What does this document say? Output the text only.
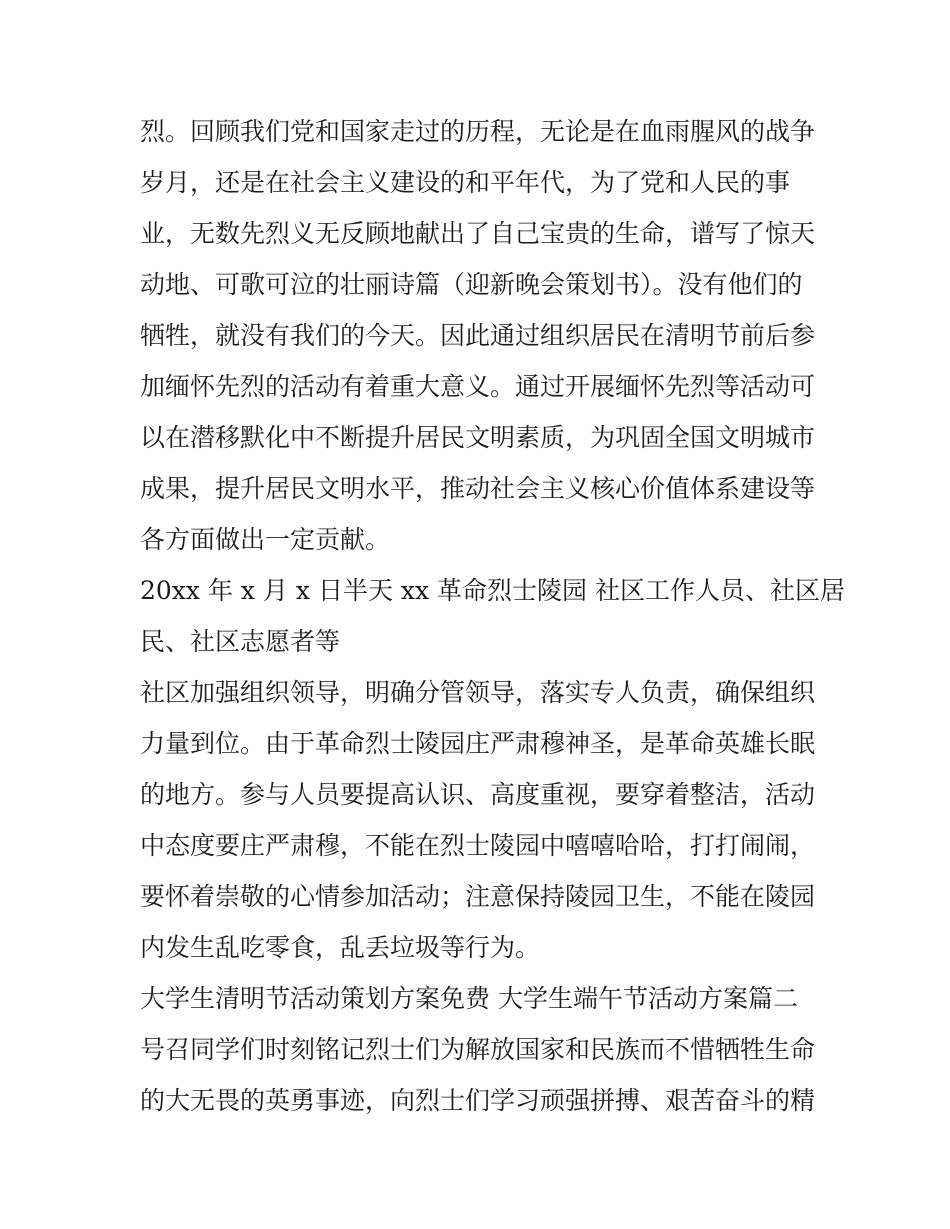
烈。回顾我们党和国家走过的历程，无论是在血雨腥风的战争
岁月，还是在社会主义建设的和平年代，为了党和人民的事
业，无数先烈义无反顾地献出了自己宝贵的生命，谱写了惊天
动地、可歌可泣的壮丽诗篇（迎新晚会策划书）。没有他们的
牺牲，就没有我们的今天。因此通过组织居民在清明节前后参
加缅怀先烈的活动有着重大意义。通过开展缅怀先烈等活动可
以在潜移默化中不断提升居民文明素质，为巩固全国文明城市
成果，提升居民文明水平，推动社会主义核心价值体系建设等
各方面做出一定贡献。
20xx 年 x 月 x 日半天 xx 革命烈士陵园 社区工作人员、社区居
民、社区志愿者等
社区加强组织领导，明确分管领导，落实专人负责，确保组织
力量到位。由于革命烈士陵园庄严肃穆神圣，是革命英雄长眠
的地方。参与人员要提高认识、高度重视，要穿着整洁，活动
中态度要庄严肃穆，不能在烈士陵园中嘻嘻哈哈，打打闹闹，
要怀着崇敬的心情参加活动；注意保持陵园卫生，不能在陵园
内发生乱吃零食，乱丢垃圾等行为。
大学生清明节活动策划方案免费 大学生端午节活动方案篇二
号召同学们时刻铭记烈士们为解放国家和民族而不惜牺牲生命
的大无畏的英勇事迹，向烈士们学习顽强拼搏、艰苦奋斗的精
